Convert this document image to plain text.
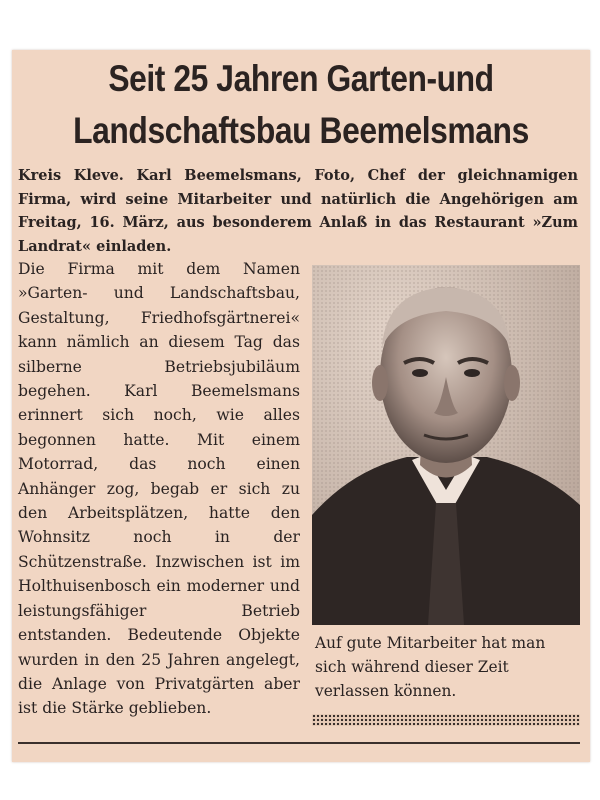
Seit 25 Jahren Garten-und
Landschaftsbau Beemelsmans

Kreis Kleve. Karl Beemelsmans, Foto, Chef der gleichnamigen Firma, wird seine Mitarbeiter und natürlich die Angehörigen am Freitag, 16. März, aus besonderem Anlaß in das Restaurant »Zum Landrat« einladen.

Die Firma mit dem Namen »Garten- und Landschaftsbau, Gestaltung, Friedhofsgärtnerei« kann nämlich an diesem Tag das silberne Betriebsjubiläum begehen. Karl Beemelsmans erinnert sich noch, wie alles begonnen hatte. Mit einem Motorrad, das noch einen Anhänger zog, begab er sich zu den Arbeitsplätzen, hatte den Wohnsitz noch in der Schützenstraße. Inzwischen ist im Holthuisenbosch ein moderner und leistungsfähiger Betrieb entstanden. Bedeutende Objekte wurden in den 25 Jahren angelegt, die Anlage von Privatgärten aber ist die Stärke geblieben.

Auf gute Mitarbeiter hat man sich während dieser Zeit verlassen können.
